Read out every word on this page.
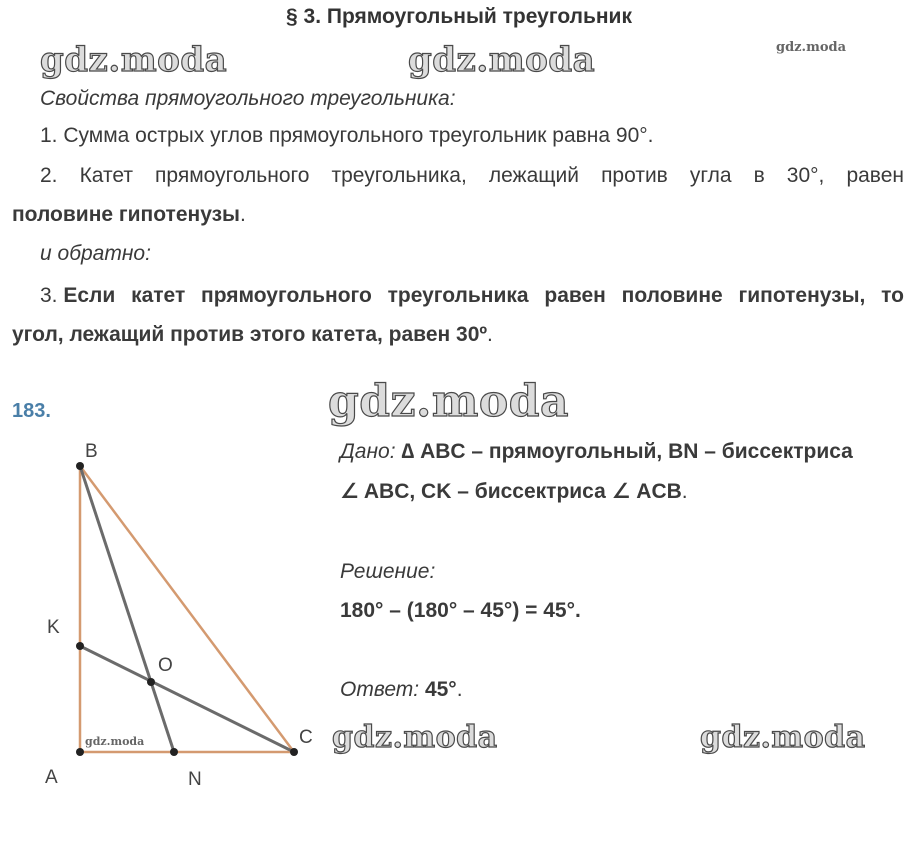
§ 3. Прямоугольный треугольник
gdz.moda	gdz.moda	gdz.moda
Свойства прямоугольного треугольника:
1. Сумма острых углов прямоугольного треугольник равна 90°.
2. Катет прямоугольного треугольника, лежащий против угла в 30°, равен
половине гипотенузы.
и обратно:
3. Если катет прямоугольного треугольника равен половине гипотенузы, то
угол, лежащий против этого катета, равен 30º.
183.	gdz.moda
Дано: ∆ ABC – прямоугольный, BN – биссектриса
∠ ABC, CK – биссектриса ∠ ACB.
Решение:
180° – (180° – 45°) = 45°.
Ответ: 45°.
gdz.moda	gdz.moda
B
K
O
A	N
C
gdz.moda
